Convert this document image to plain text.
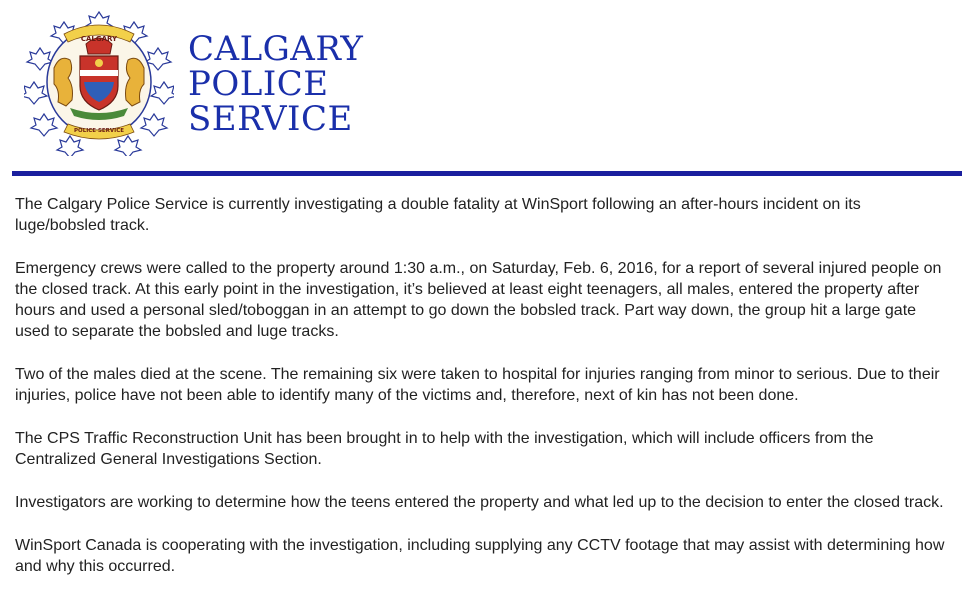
CALGARY
POLICE SERVICE
CALGARY
POLICE
SERVICE

The Calgary Police Service is currently investigating a double fatality at WinSport following an after-hours incident on its luge/bobsled track.

Emergency crews were called to the property around 1:30 a.m., on Saturday, Feb. 6, 2016, for a report of several injured people on the closed track. At this early point in the investigation, it’s believed at least eight teenagers, all males, entered the property after hours and used a personal sled/toboggan in an attempt to go down the bobsled track. Part way down, the group hit a large gate used to separate the bobsled and luge tracks.

Two of the males died at the scene. The remaining six were taken to hospital for injuries ranging from minor to serious. Due to their injuries, police have not been able to identify many of the victims and, therefore, next of kin has not been done.

The CPS Traffic Reconstruction Unit has been brought in to help with the investigation, which will include officers from the Centralized General Investigations Section.

Investigators are working to determine how the teens entered the property and what led up to the decision to enter the closed track.

WinSport Canada is cooperating with the investigation, including supplying any CCTV footage that may assist with determining how and why this occurred.
